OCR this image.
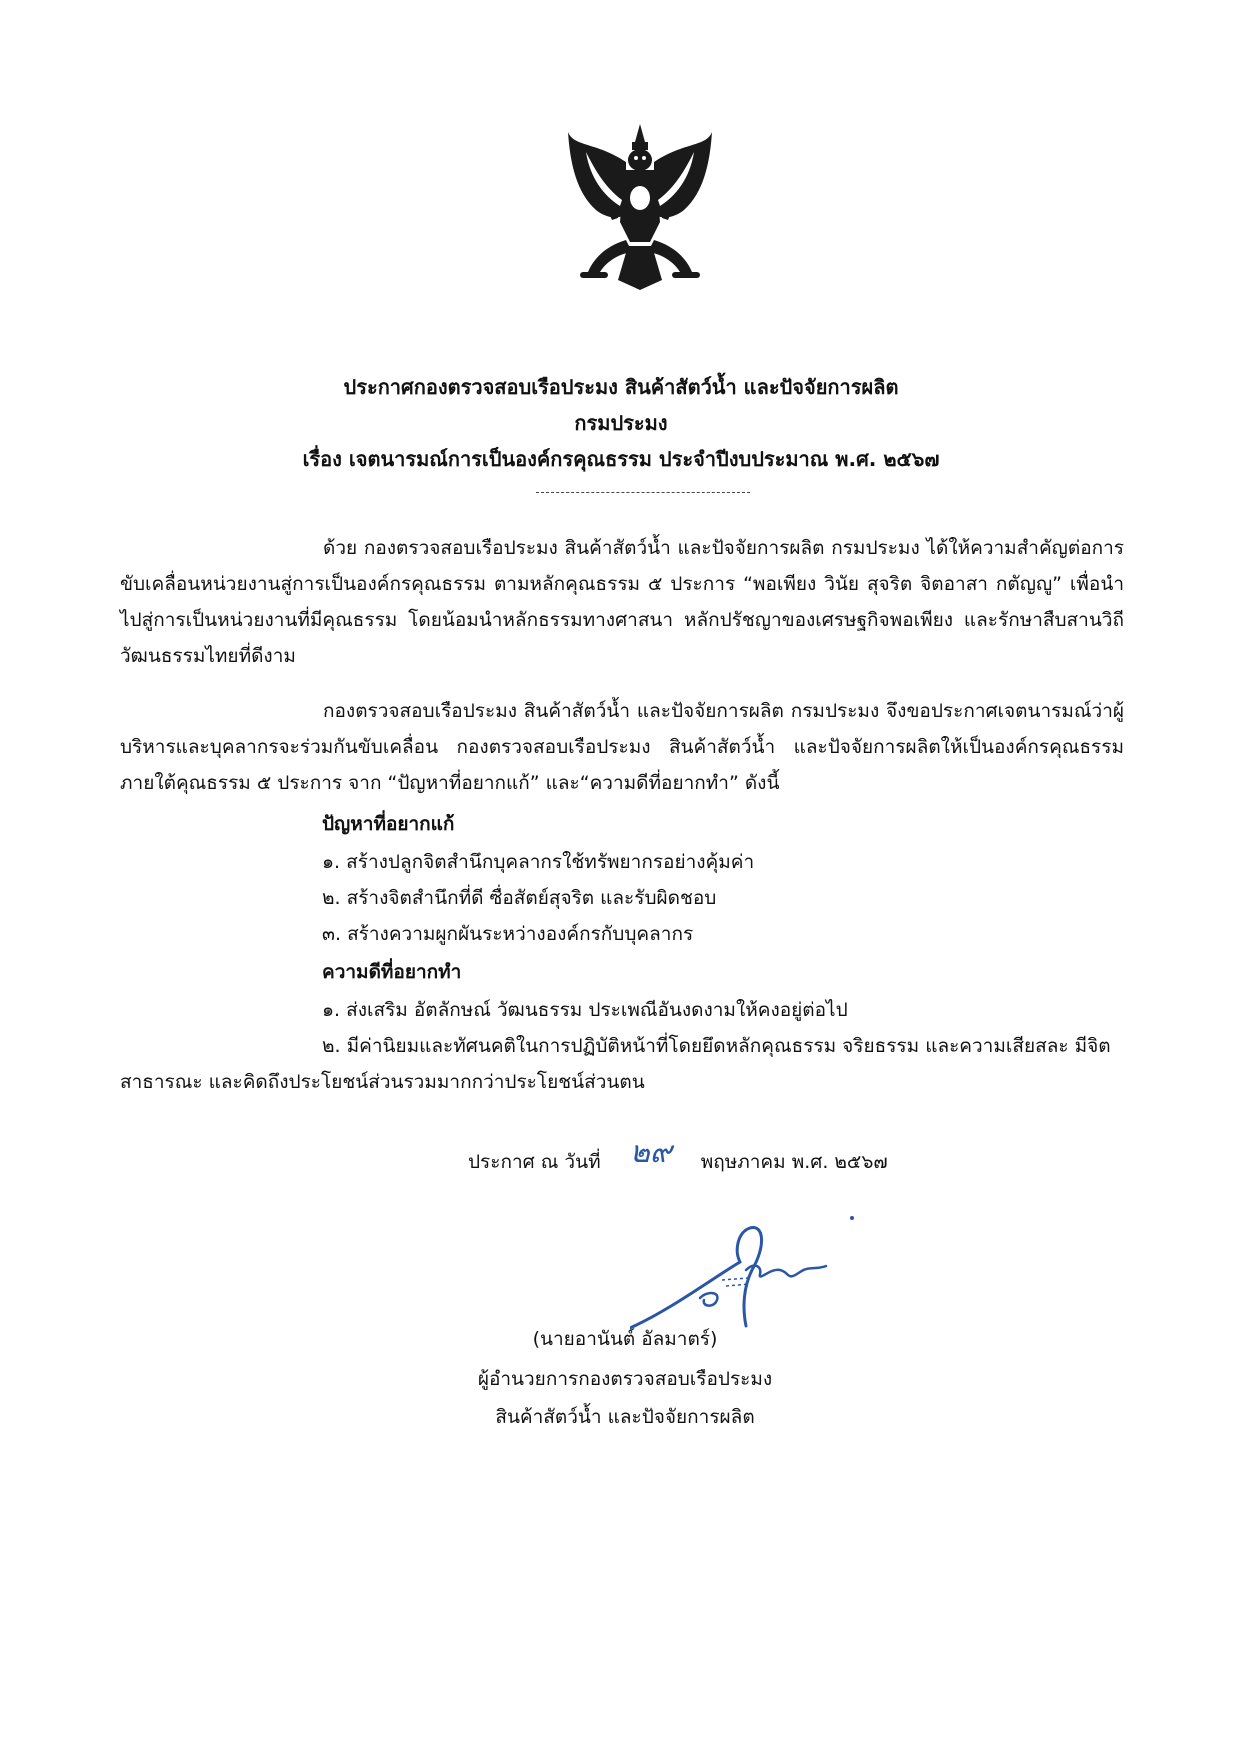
ประกาศกองตรวจสอบเรือประมง สินค้าสัตว์น้ำ และปัจจัยการผลิต
กรมประมง
เรื่อง เจตนารมณ์การเป็นองค์กรคุณธรรม ประจำปีงบประมาณ พ.ศ. ๒๕๖๗
ด้วย กองตรวจสอบเรือประมง สินค้าสัตว์น้ำ และปัจจัยการผลิต กรมประมง ได้ให้ความสำคัญต่อการขับเคลื่อนหน่วยงานสู่การเป็นองค์กรคุณธรรม ตามหลักคุณธรรม ๕ ประการ “พอเพียง วินัย สุจริต จิตอาสา กตัญญู” เพื่อนำไปสู่การเป็นหน่วยงานที่มีคุณธรรม โดยน้อมนำหลักธรรมทางศาสนา หลักปรัชญาของเศรษฐกิจพอเพียง และรักษาสืบสานวิถีวัฒนธรรมไทยที่ดีงาม
กองตรวจสอบเรือประมง สินค้าสัตว์น้ำ และปัจจัยการผลิต กรมประมง จึงขอประกาศเจตนารมณ์ว่าผู้บริหารและบุคลากรจะร่วมกันขับเคลื่อน กองตรวจสอบเรือประมง สินค้าสัตว์น้ำ และปัจจัยการผลิตให้เป็นองค์กรคุณธรรม ภายใต้คุณธรรม ๕ ประการ จาก “ปัญหาที่อยากแก้” และ“ความดีที่อยากทำ” ดังนี้
ปัญหาที่อยากแก้
๑. สร้างปลูกจิตสำนึกบุคลากรใช้ทรัพยากรอย่างคุ้มค่า
๒. สร้างจิตสำนึกที่ดี ซื่อสัตย์สุจริต และรับผิดชอบ
๓. สร้างความผูกผันระหว่างองค์กรกับบุคลากร
ความดีที่อยากทำ
๑. ส่งเสริม อัตลักษณ์ วัฒนธรรม ประเพณีอันงดงามให้คงอยู่ต่อไป
๒. มีค่านิยมและทัศนคติในการปฏิบัติหน้าที่โดยยึดหลักคุณธรรม จริยธรรม และความเสียสละ มีจิตสาธารณะ และคิดถึงประโยชน์ส่วนรวมมากกว่าประโยชน์ส่วนตน
ประกาศ ณ วันที่	พฤษภาคม พ.ศ. ๒๕๖๗
๒๙
(นายอานันต์ อัลมาตร์)
ผู้อำนวยการกองตรวจสอบเรือประมง
สินค้าสัตว์น้ำ และปัจจัยการผลิต
